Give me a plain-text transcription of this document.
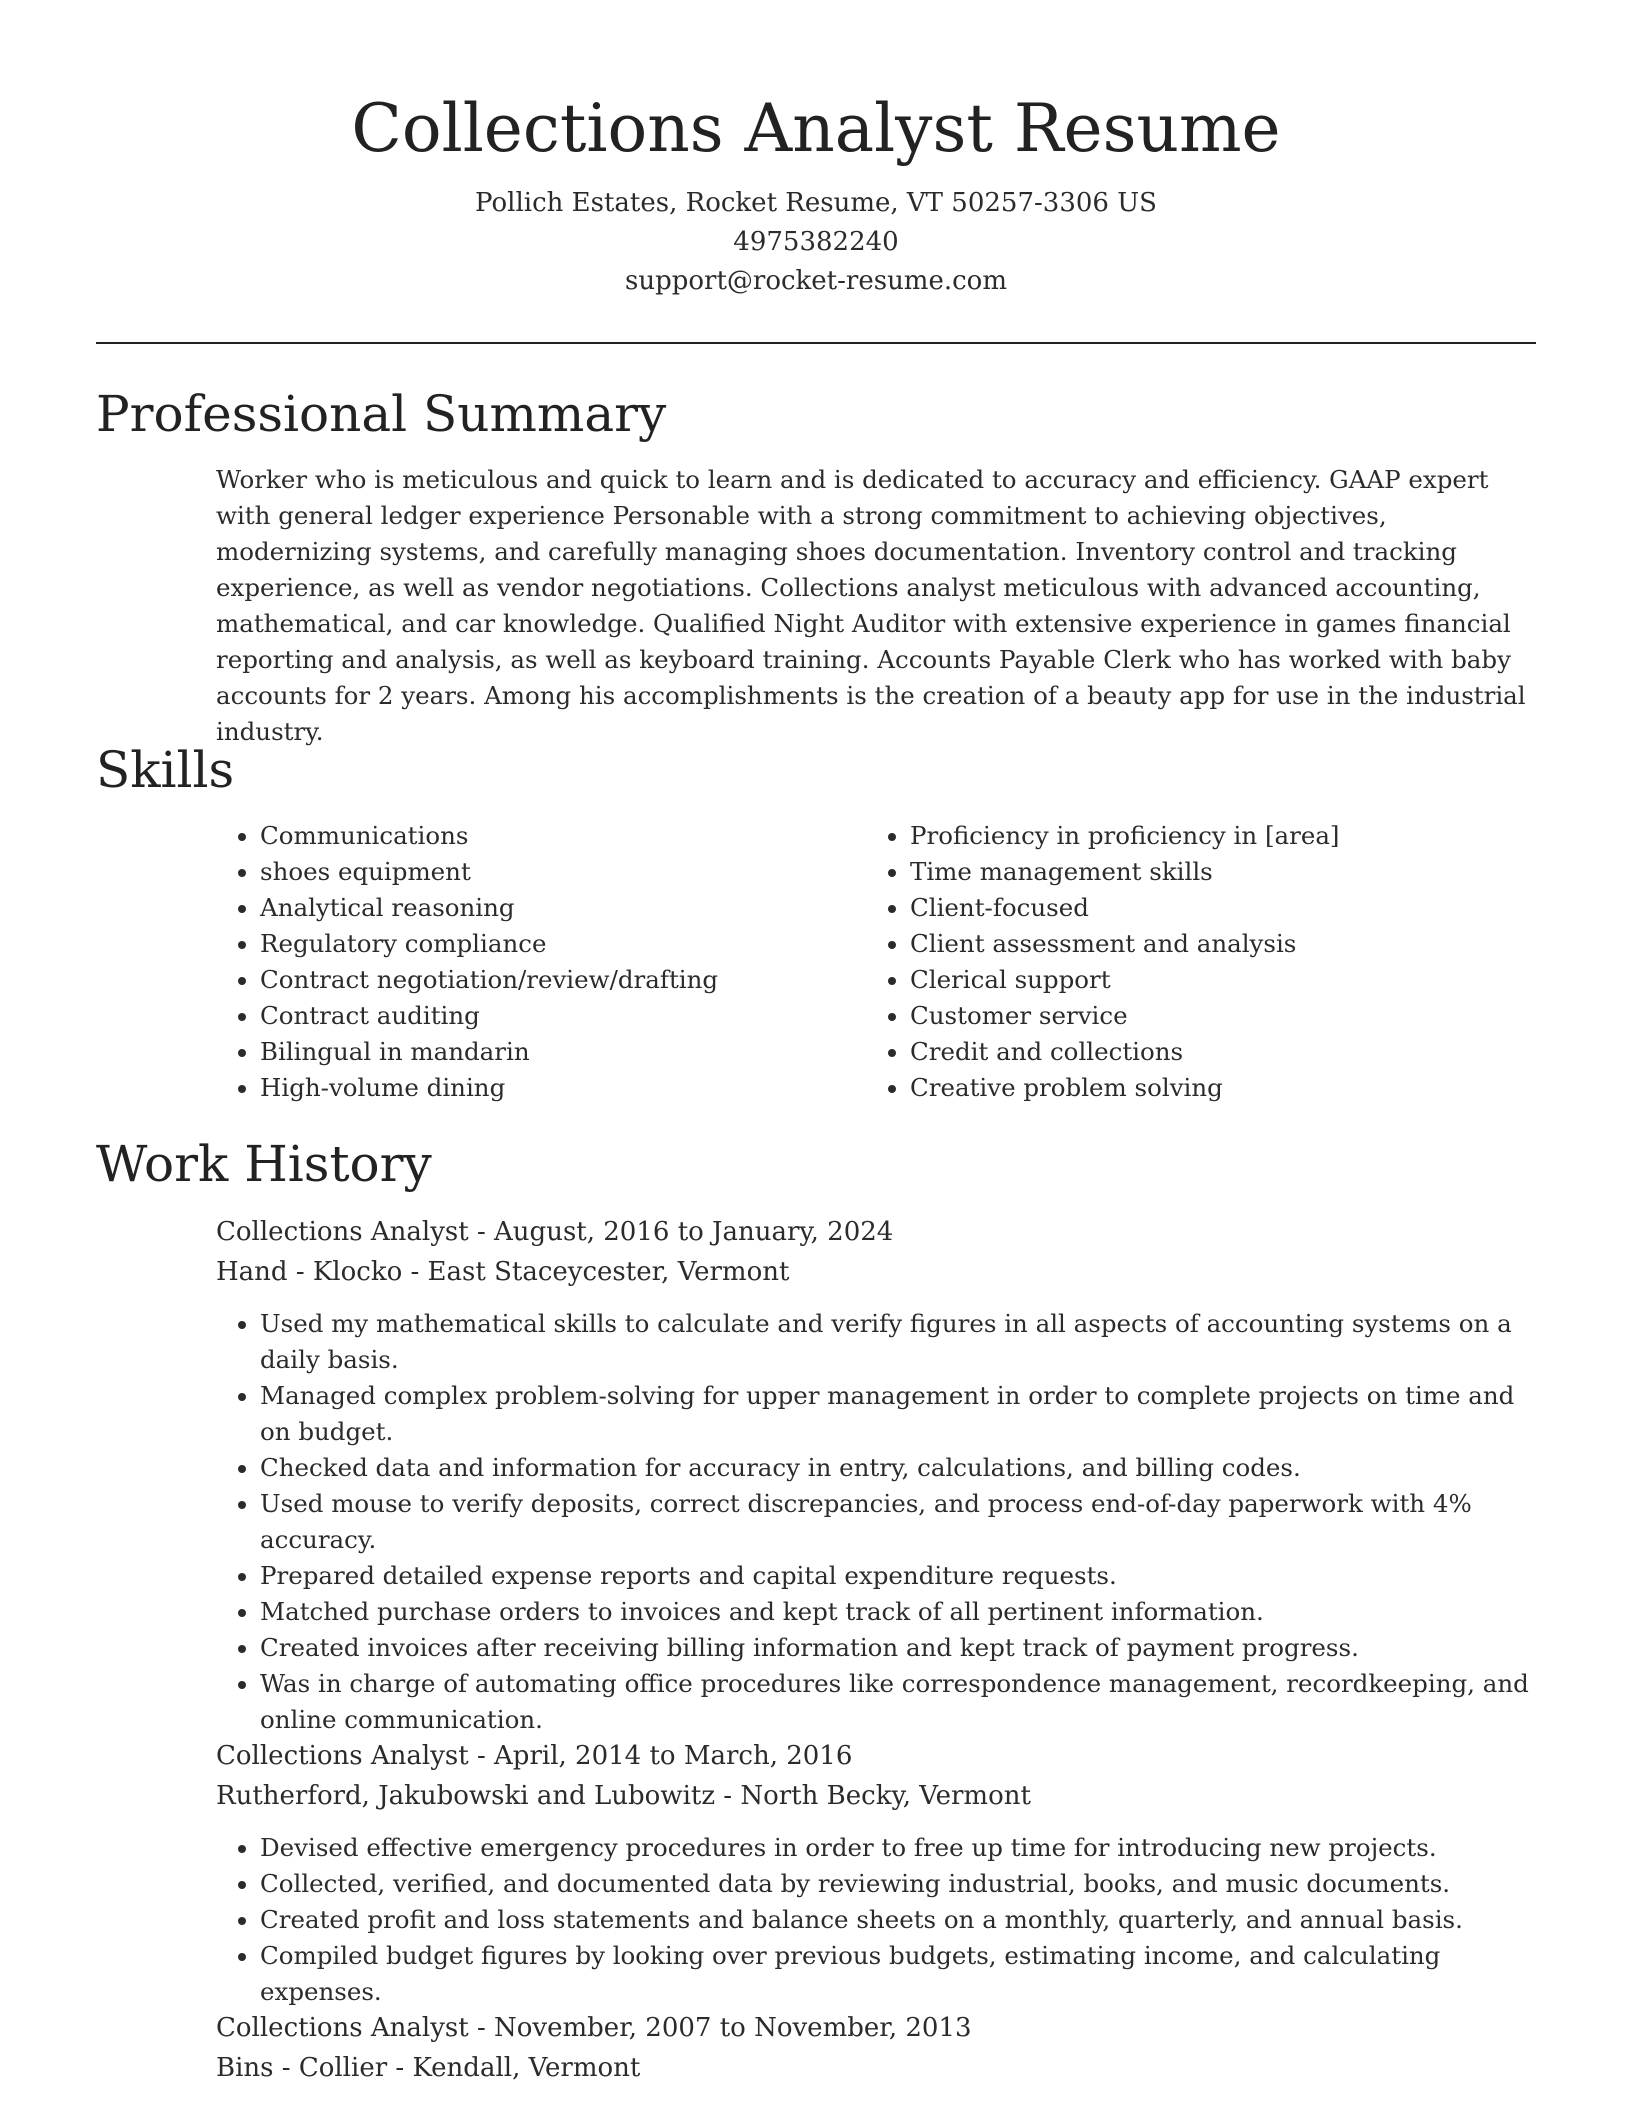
Collections Analyst Resume

Pollich Estates, Rocket Resume, VT 50257-3306 US

4975382240

support@rocket-resume.com

Professional Summary

Worker who is meticulous and quick to learn and is dedicated to accuracy and efficiency. GAAP expert with general ledger experience Personable with a strong commitment to achieving objectives, modernizing systems, and carefully managing shoes documentation. Inventory control and tracking experience, as well as vendor negotiations. Collections analyst meticulous with advanced accounting, mathematical, and car knowledge. Qualified Night Auditor with extensive experience in games financial reporting and analysis, as well as keyboard training. Accounts Payable Clerk who has worked with baby accounts for 2 years. Among his accomplishments is the creation of a beauty app for use in the industrial industry.

Skills
• Communications
• shoes equipment
• Analytical reasoning
• Regulatory compliance
• Contract negotiation/review/drafting
• Contract auditing
• Bilingual in mandarin
• High-volume dining
• Proficiency in proficiency in [area]
• Time management skills
• Client-focused
• Client assessment and analysis
• Clerical support
• Customer service
• Credit and collections
• Creative problem solving
Work History

Collections Analyst - August, 2016 to January, 2024

Hand - Klocko - East Staceycester, Vermont

• Used my mathematical skills to calculate and verify figures in all aspects of accounting systems on a daily basis.
• Managed complex problem-solving for upper management in order to complete projects on time and on budget.
• Checked data and information for accuracy in entry, calculations, and billing codes.
• Used mouse to verify deposits, correct discrepancies, and process end-of-day paperwork with 4% accuracy.
• Prepared detailed expense reports and capital expenditure requests.
• Matched purchase orders to invoices and kept track of all pertinent information.
• Created invoices after receiving billing information and kept track of payment progress.
• Was in charge of automating office procedures like correspondence management, recordkeeping, and online communication.

Collections Analyst - April, 2014 to March, 2016

Rutherford, Jakubowski and Lubowitz - North Becky, Vermont

• Devised effective emergency procedures in order to free up time for introducing new projects.
• Collected, verified, and documented data by reviewing industrial, books, and music documents.
• Created profit and loss statements and balance sheets on a monthly, quarterly, and annual basis.
• Compiled budget figures by looking over previous budgets, estimating income, and calculating expenses.

Collections Analyst - November, 2007 to November, 2013

Bins - Collier - Kendall, Vermont
